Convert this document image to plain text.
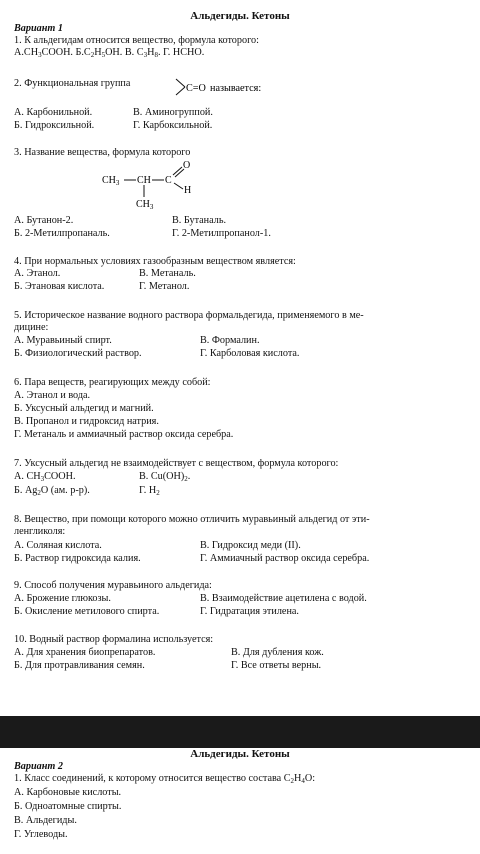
Альдегиды. Кетоны
Вариант 1
1. К альдегидам относится вещество, формула которого:
$А.CH_3COOH$. $Б.C_2H_5OH$. В. $C_3H_8$. Г. HCHO.
2. Функциональная группа	C=O называется:
А. Карбонильной.	В. Аминогруппой.
Б. Гидроксильной.	Г. Карбоксильной.
3. Название вещества, формула которого
$CH_3$ CH C
O
H
$CH_3$
А. Бутанон-2.	В. Бутаналь.
Б. 2-Метилпропаналь.	Г. 2-Метилпропанол-1.
4. При нормальных условиях газообразным веществом является:
А. Этанол.	В. Метаналь.
Б. Этановая кислота.	Г. Метанол.
5. Историческое название водного раствора формальдегида, применяемого в ме-
дицине:
А. Муравьиный спирт.	В. Формалин.
Б. Физиологический раствор.	Г. Карболовая кислота.
6. Пара веществ, реагирующих между собой:
А. Этанол и вода.
Б. Уксусный альдегид и магний.
В. Пропанол и гидроксид натрия.
Г. Метаналь и аммиачный раствор оксида серебра.
7. Уксусный альдегид не взаимодействует с веществом, формула которого:
А. $CH_3COOH$.	В. $Cu(OH)_2$.
Б. $Ag_2O$ (ам. р-р).	Г. $H_2$
8. Вещество, при помощи которого можно отличить муравьиный альдегид от эти-
ленгликоля:
А. Соляная кислота.	В. Гидроксид меди (II).
Б. Раствор гидроксида калия.	Г. Аммиачный раствор оксида серебра.
9. Способ получения муравьиного альдегида:
А. Брожение глюкозы.	В. Взаимодействие ацетилена с водой.
Б. Окисление метилового спирта.	Г. Гидратация этилена.
10. Водный раствор формалина используется:
А. Для хранения биопрепаратов.	В. Для дубления кож.
Б. Для протравливания семян.	Г. Все ответы верны.
Альдегиды. Кетоны
Вариант 2
1. Класс соединений, к которому относится вещество состава $C_2H_4O$:
А. Карбоновые кислоты.
Б. Одноатомные спирты.
В. Альдегиды.
Г. Углеводы.
